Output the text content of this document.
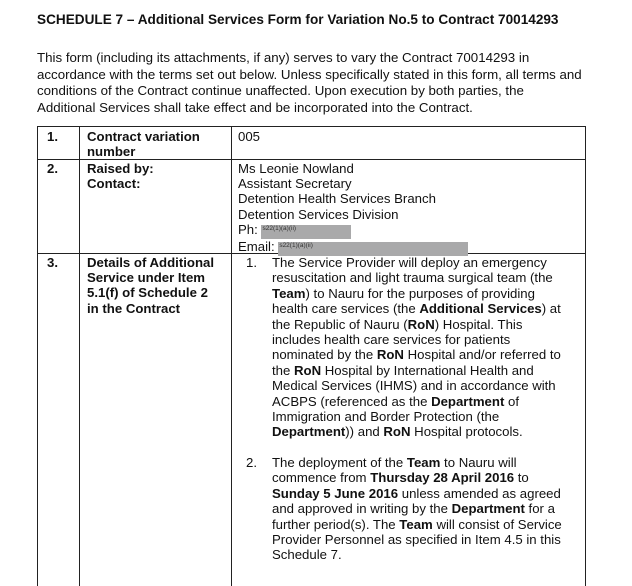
SCHEDULE 7 – Additional Services Form for Variation No.5 to Contract 70014293
This form (including its attachments, if any) serves to vary the Contract 70014293 in
accordance with the terms set out below. Unless specifically stated in this form, all terms and
conditions of the Contract continue unaffected. Upon execution by both parties, the
Additional Services shall take effect and be incorporated into the Contract.
1. Contract variation
number
005
2. Raised by:
Contact:
Ms Leonie Nowland
Assistant Secretary
Detention Health Services Branch
Detention Services Division
Ph: $^{s22(1)(a)(ii)}$
Email: $^{s22(1)(a)(ii)}$
3. Details of Additional
Service under Item
5.1(f) of Schedule 2
in the Contract
1. The Service Provider will deploy an emergency
resuscitation and light trauma surgical team (the
Team) to Nauru for the purposes of providing
health care services (the Additional Services) at
the Republic of Nauru (RoN) Hospital. This
includes health care services for patients
nominated by the RoN Hospital and/or referred to
the RoN Hospital by International Health and
Medical Services (IHMS) and in accordance with
ACBPS (referenced as the Department of
Immigration and Border Protection (the
Department)) and RoN Hospital protocols.
2. The deployment of the Team to Nauru will
commence from Thursday 28 April 2016 to
Sunday 5 June 2016 unless amended as agreed
and approved in writing by the Department for a
further period(s). The Team will consist of Service
Provider Personnel as specified in Item 4.5 in this
Schedule 7.
